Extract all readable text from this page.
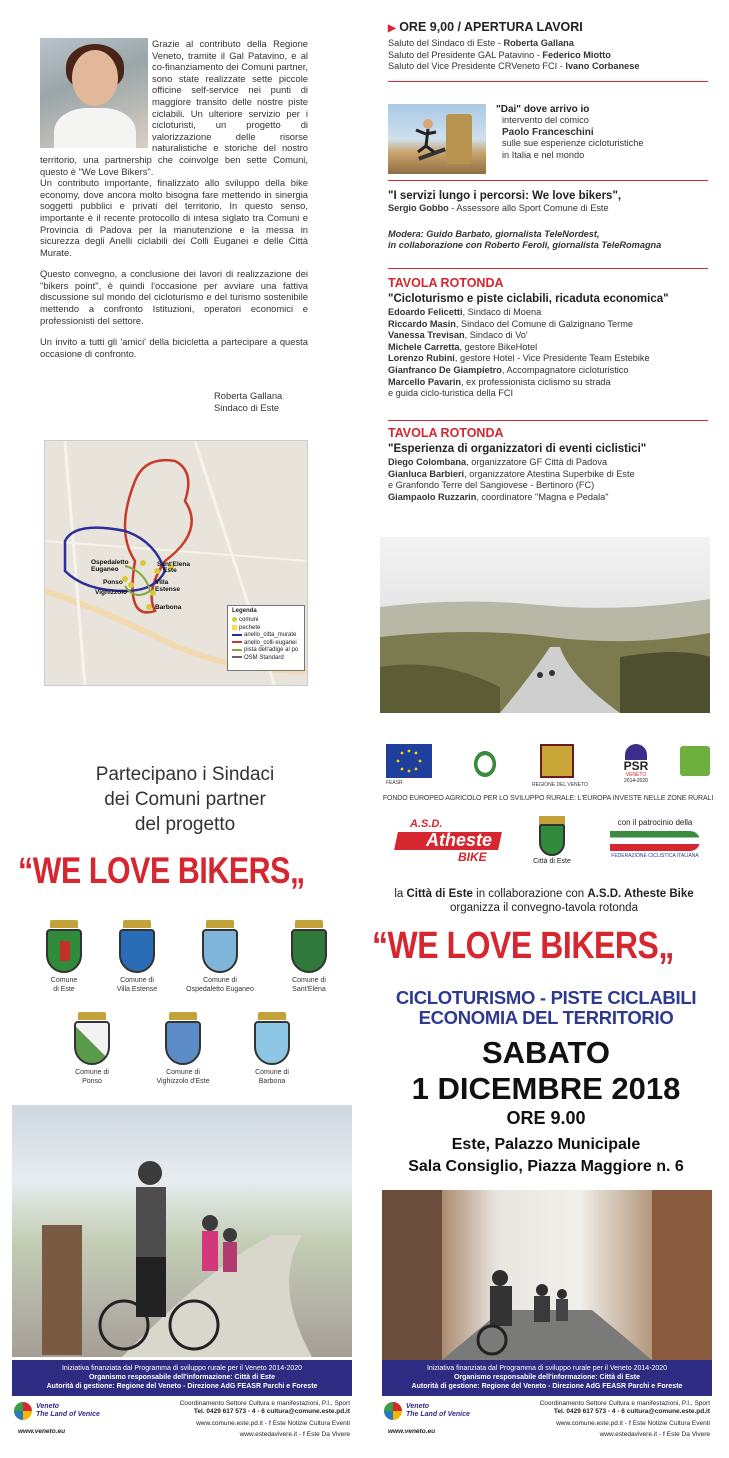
Grazie al contributo della Regione Veneto, tramite il Gal Patavino, e al co-finanziamento dei Comuni partner, sono state realizzate sette piccole officine self-service nei punti di maggiore transito delle nostre piste ciclabili. Un ulteriore servizio per i cicloturisti, un progetto di valorizzazione delle risorse naturalistiche e storiche del nostro territorio, una partnership che coinvolge ben sette Comuni, questo è "We Love Bikers".
Un contributo importante, finalizzato allo sviluppo della bike economy, dove ancora molto bisogna fare mettendo in sinergia soggetti pubblici e privati del territorio. In questo senso, importante è il recente protocollo di intesa siglato tra Comuni e Provincia di Padova per la manutenzione e la messa in sicurezza degli Anelli ciclabili dei Colli Euganei e delle Città Murate.
Questo convegno, a conclusione dei lavori di realizzazione dei "bikers point", è quindi l'occasione per avviare una fattiva discussione sul mondo del cicloturismo e del turismo sostenibile mettendo a confronto Istituzioni, operatori economici e professionisti del settore.
Un invito a tutti gli 'amici' della bicicletta a partecipare a questa occasione di confronto.
Roberta Gallana
Sindaco di Este
Este
Ospedaletto Euganeo
Ponso
Vighizzolo
Sant'Elena
Villa Estense
Barbona	Legenda
comuni
pechete
anello_citta_murate
anello_colli euganei
pista dell'adige al po
OSM Standard
▶ ORE 9,00 / APERTURA LAVORI
Saluto del Sindaco di Este - Roberta Gallana
Saluto del Presidente GAL Patavino - Federico Miotto
Saluto del Vice Presidente CRVeneto FCI - Ivano Corbanese
"Dai" dove arrivo io
intervento del comico
Paolo Franceschini
sulle sue esperienze cicloturistiche
in Italia e nel mondo
"I servizi lungo i percorsi: We love bikers",
Sergio Gobbo - Assessore allo Sport Comune di Este
Modera: Guido Barbato, giornalista TeleNordest,
in collaborazione con Roberto Feroli, giornalista TeleRomagna
TAVOLA ROTONDA
"Cicloturismo e piste ciclabili, ricaduta economica"
Edoardo Felicetti, Sindaco di Moena
Riccardo Masin, Sindaco del Comune di Galzignano Terme
Vanessa Trevisan, Sindaco di Vo'
Michele Carretta, gestore BikeHotel
Lorenzo Rubini, gestore Hotel - Vice Presidente Team Estebike
Gianfranco De Giampietro, Accompagnatore cicloturistico
Marcello Pavarin, ex professionista ciclismo su strada
e guida ciclo-turistica della FCI
TAVOLA ROTONDA
"Esperienza di organizzatori di eventi ciclistici"
Diego Colombana, organizzatore GF Città di Padova
Gianluca Barbieri, organizzatore Atestina Superbike di Este
e Granfondo Terre del Sangiovese - Bertinoro (FC)
Giampaolo Ruzzarin, coordinatore "Magna e Pedala"
Partecipano i Sindaci
dei Comuni partner
del progetto
“WE LOVE BIKERS„
Comune
di Este
Comune di
Villa Estense
Comune di
Ospedaletto Euganeo
Comune di
Sant'Elena
Comune di
Ponso
Comune di
Vighizzolo d'Este
Comune di
Barbona
Iniziativa finanziata dal Programma di sviluppo rurale per il Veneto 2014-2020
Organismo responsabile dell'informazione: Città di Este
Autorità di gestione: Regione del Veneto - Direzione AdG FEASR Parchi e Foreste
Veneto
The Land of Venice
www.veneto.eu
Coordinamento Settore Cultura e manifestazioni, P.I., Sport
Tel. 0429 617 573 - 4 - 6 cultura@comune.este.pd.it
www.comune.este.pd.it - f Este Notizie Cultura Eventi
www.estedavivere.it - f Este Da Vivere
FEASR	REGIONE DEL VENETO
PSR
VENETO
2014-2020
FONDO EUROPEO AGRICOLO PER LO SVILUPPO RURALE: L'EUROPA INVESTE NELLE ZONE RURALI
A.S.D.
Atheste
BIKE	Città di Este
con il patrocinio della
FEDERAZIONE CICLISTICA ITALIANA
la Città di Este in collaborazione con A.S.D. Atheste Bike
organizza il convegno-tavola rotonda
“WE LOVE BIKERS„
CICLOTURISMO - PISTE CICLABILI
ECONOMIA DEL TERRITORIO
SABATO
1 DICEMBRE 2018
ORE 9.00
Este, Palazzo Municipale
Sala Consiglio, Piazza Maggiore n. 6
Iniziativa finanziata dal Programma di sviluppo rurale per il Veneto 2014-2020
Organismo responsabile dell'informazione: Città di Este
Autorità di gestione: Regione del Veneto - Direzione AdG FEASR Parchi e Foreste
Veneto
The Land of Venice
www.veneto.eu
Coordinamento Settore Cultura e manifestazioni, P.I., Sport
Tel. 0429 617 573 - 4 - 6 cultura@comune.este.pd.it
www.comune.este.pd.it - f Este Notizie Cultura Eventi
www.estedavivere.it - f Este Da Vivere
